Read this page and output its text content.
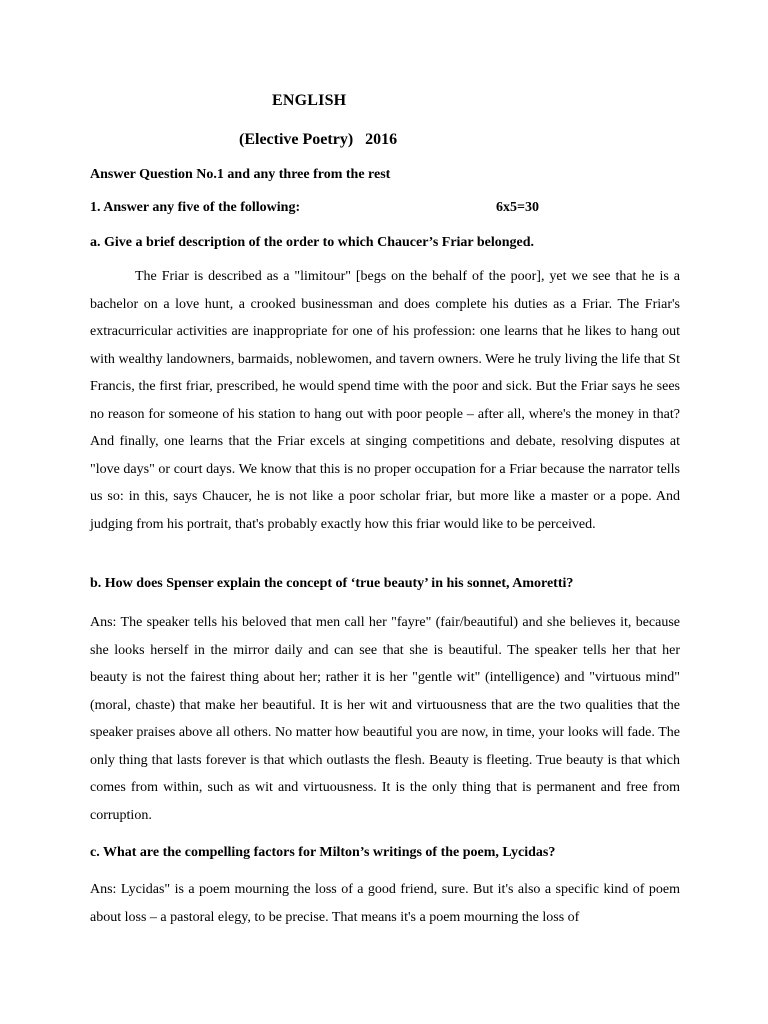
ENGLISH
(Elective Poetry)   2016
Answer Question No.1 and any three from the rest
1. Answer any five of the following:	6x5=30
a. Give a brief description of the order to which Chaucer’s Friar belonged.
The Friar is described as a "limitour" [begs on the behalf of the poor], yet we see that he is a bachelor on a love hunt, a crooked businessman and does complete his duties as a Friar. The Friar's extracurricular activities are inappropriate for one of his profession: one learns that he likes to hang out with wealthy landowners, barmaids, noblewomen, and tavern owners. Were he truly living the life that St Francis, the first friar, prescribed, he would spend time with the poor and sick. But the Friar says he sees no reason for someone of his station to hang out with poor people – after all, where's the money in that? And finally, one learns that the Friar excels at singing competitions and debate, resolving disputes at "love days" or court days. We know that this is no proper occupation for a Friar because the narrator tells us so: in this, says Chaucer, he is not like a poor scholar friar, but more like a master or a pope. And judging from his portrait, that's probably exactly how this friar would like to be perceived.
b. How does Spenser explain the concept of ‘true beauty’ in his sonnet, Amoretti?
Ans: The speaker tells his beloved that men call her "fayre" (fair/beautiful) and she believes it, because she looks herself in the mirror daily and can see that she is beautiful. The speaker tells her that her beauty is not the fairest thing about her; rather it is her "gentle wit" (intelligence) and "virtuous mind" (moral, chaste) that make her beautiful. It is her wit and virtuousness that are the two qualities that the speaker praises above all others. No matter how beautiful you are now, in time, your looks will fade. The only thing that lasts forever is that which outlasts the flesh. Beauty is fleeting. True beauty is that which comes from within, such as wit and virtuousness. It is the only thing that is permanent and free from corruption.
c. What are the compelling factors for Milton’s writings of the poem, Lycidas?
Ans: Lycidas" is a poem mourning the loss of a good friend, sure. But it's also a specific kind of poem about loss – a pastoral elegy, to be precise. That means it's a poem mourning the loss of
